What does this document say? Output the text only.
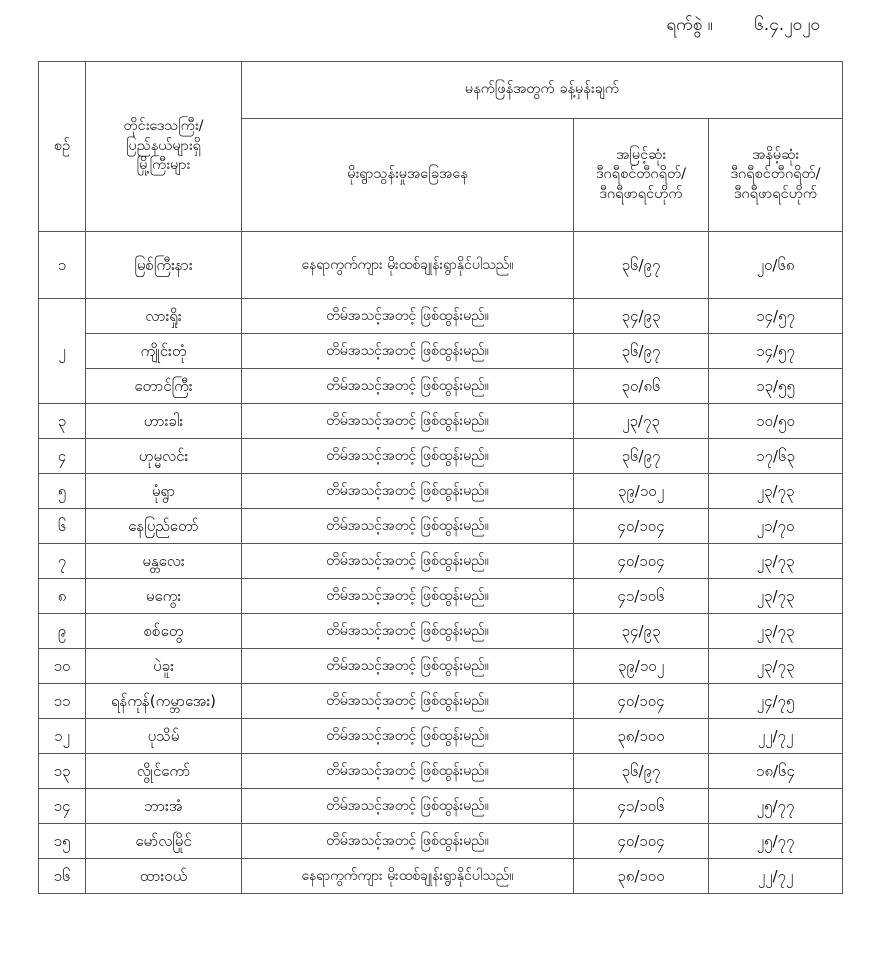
ရက်စွဲ ။ ၆.၄.၂၀၂၀
စဉ်	တိုင်းဒေသကြီး/
ပြည်နယ်များရှိ
မြို့ကြီးများ	မနက်ဖြန်အတွက် ခန့်မှန်းချက်		
		မိုးရွာသွန်းမှုအခြေအနေ	အမြင့်ဆုံး
ဒီဂရီစင်တီဂရိတ်/
ဒီဂရီဖာရင်ဟိုက်	အနိမ့်ဆုံး
ဒီဂရီစင်တီဂရိတ်/
ဒီဂရီဖာရင်ဟိုက်

၁	မြစ်ကြီးနား	နေရာကွက်ကျား မိုးထစ်ချုန်းရွာနိုင်ပါသည်။	၃၆/၉၇	၂၀/၆၈
၂	လားရှိုး	တိမ်အသင့်အတင့် ဖြစ်ထွန်းမည်။	၃၄/၉၃	၁၄/၅၇
	ကျိုင်းတုံ	တိမ်အသင့်အတင့် ဖြစ်ထွန်းမည်။	၃၆/၉၇	၁၄/၅၇
	တောင်ကြီး	တိမ်အသင့်အတင့် ဖြစ်ထွန်းမည်။	၃၀/၈၆	၁၃/၅၅
၃	ဟားခါး	တိမ်အသင့်အတင့် ဖြစ်ထွန်းမည်။	၂၃/၇၃	၁၀/၅၀
၄	ဟုမ္မလင်း	တိမ်အသင့်အတင့် ဖြစ်ထွန်းမည်။	၃၆/၉၇	၁၇/၆၃
၅	မုံရွာ	တိမ်အသင့်အတင့် ဖြစ်ထွန်းမည်။	၃၉/၁၀၂	၂၃/၇၃
၆	နေပြည်တော်	တိမ်အသင့်အတင့် ဖြစ်ထွန်းမည်။	၄၀/၁၀၄	၂၁/၇၀
၇	မန္တလေး	တိမ်အသင့်အတင့် ဖြစ်ထွန်းမည်။	၄၀/၁၀၄	၂၃/၇၃
၈	မကွေး	တိမ်အသင့်အတင့် ဖြစ်ထွန်းမည်။	၄၁/၁၀၆	၂၃/၇၃
၉	စစ်တွေ	တိမ်အသင့်အတင့် ဖြစ်ထွန်းမည်။	၃၄/၉၃	၂၃/၇၃
၁၀	ပဲခူး	တိမ်အသင့်အတင့် ဖြစ်ထွန်းမည်။	၃၉/၁၀၂	၂၃/၇၃
၁၁	ရန်ကုန်(ကမ္ဘာအေး)	တိမ်အသင့်အတင့် ဖြစ်ထွန်းမည်။	၄၀/၁၀၄	၂၄/၇၅
၁၂	ပုသိမ်	တိမ်အသင့်အတင့် ဖြစ်ထွန်းမည်။	၃၈/၁၀၀	၂၂/၇၂
၁၃	လွိုင်ကော်	တိမ်အသင့်အတင့် ဖြစ်ထွန်းမည်။	၃၆/၉၇	၁၈/၆၄
၁၄	ဘားအံ	တိမ်အသင့်အတင့် ဖြစ်ထွန်းမည်။	၄၁/၁၀၆	၂၅/၇၇
၁၅	မော်လမြိုင်	တိမ်အသင့်အတင့် ဖြစ်ထွန်းမည်။	၄၀/၁၀၄	၂၅/၇၇
၁၆	ထားဝယ်	နေရာကွက်ကျား မိုးထစ်ချုန်းရွာနိုင်ပါသည်။	၃၈/၁၀၀	၂၂/၇၂
